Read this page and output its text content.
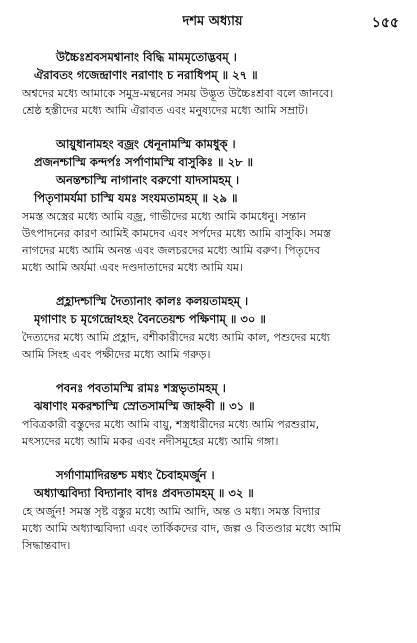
দশম অধ্যায়	১৫৫
উচ্চৈঃশ্রবসমশ্বানাং বিদ্ধি মামমৃতোদ্ভবম্ ।
ঐরাবতং গজেন্দ্রাণাং নরাণাং চ নরাধিপম্ ॥ ২৭ ॥
অশ্বদের মধ্যে আমাকে সমুদ্র-মন্থনের সময় উদ্ভূত উচ্চৈঃশ্রবা বলে জানবে।
শ্রেষ্ঠ হস্তীদের মধ্যে আমি ঐরাবত এবং মনুষ্যদের মধ্যে আমি সম্রাট।
আয়ুধানামহং বজ্রং ধেনূনামস্মি কামধুক্ ।
প্রজনশ্চাস্মি কন্দর্পঃ সর্পাণামস্মি বাসুকিঃ ॥ ২৮ ॥
অনন্তশ্চাস্মি নাগানাং বরুণো যাদসামহম্ ।
পিতৃণামর্যমা চাস্মি যমঃ সংযমতামহম্ ॥ ২৯ ॥
সমস্ত অস্ত্রের মধ্যে আমি বজ্র, গাভীদের মধ্যে আমি কামধেনু। সন্তান
উৎপাদনের কারণ আমিই কামদেব এবং সর্পদের মধ্যে আমি বাসুকি। সমস্ত
নাগদের মধ্যে আমি অনন্ত এবং জলচরদের মধ্যে আমি বরুণ। পিতৃদেব
মধ্যে আমি অর্যমা এবং দণ্ডদাতাদের মধ্যে আমি যম।
প্রহ্লাদশ্চাস্মি দৈত্যানাং কালঃ কলয়তামহম্ ।
মৃগাণাং চ মৃগেন্দ্রোঽহং বৈনতেয়শ্চ পক্ষিণাম্ ॥ ৩০ ॥
দৈত্যদের মধ্যে আমি প্রহ্লাদ, বশীকারীদের মধ্যে আমি কাল, পশুদের মধ্যে
আমি সিংহ এবং পক্ষীদের মধ্যে আমি গরুড়।
পবনঃ পবতামস্মি রামঃ শস্ত্রভৃতামহম্ ।
ঝষাণাং মকরশ্চাস্মি স্রোতসামস্মি জাহ্নবী ॥ ৩১ ॥
পবিত্রকারী বস্তুদের মধ্যে আমি বায়ু, শস্ত্রধারীদের মধ্যে আমি পরশুরাম,
মৎস্যদের মধ্যে আমি মকর এবং নদীসমূহের মধ্যে আমি গঙ্গা।
সর্গাণামাদিরন্তশ্চ মধ্যং চৈবাহমর্জুন ।
অধ্যাত্মবিদ্যা বিদ্যানাং বাদঃ প্রবদতামহম্ ॥ ৩২ ॥
হে অর্জুন! সমস্ত সৃষ্ট বস্তুর মধ্যে আমি আদি, অন্ত ও মধ্য। সমস্ত বিদ্যার
মধ্যে আমি অধ্যাত্মবিদ্যা এবং তার্কিকদের বাদ, জল্প ও বিতণ্ডার মধ্যে আমি
সিদ্ধান্তবাদ।
